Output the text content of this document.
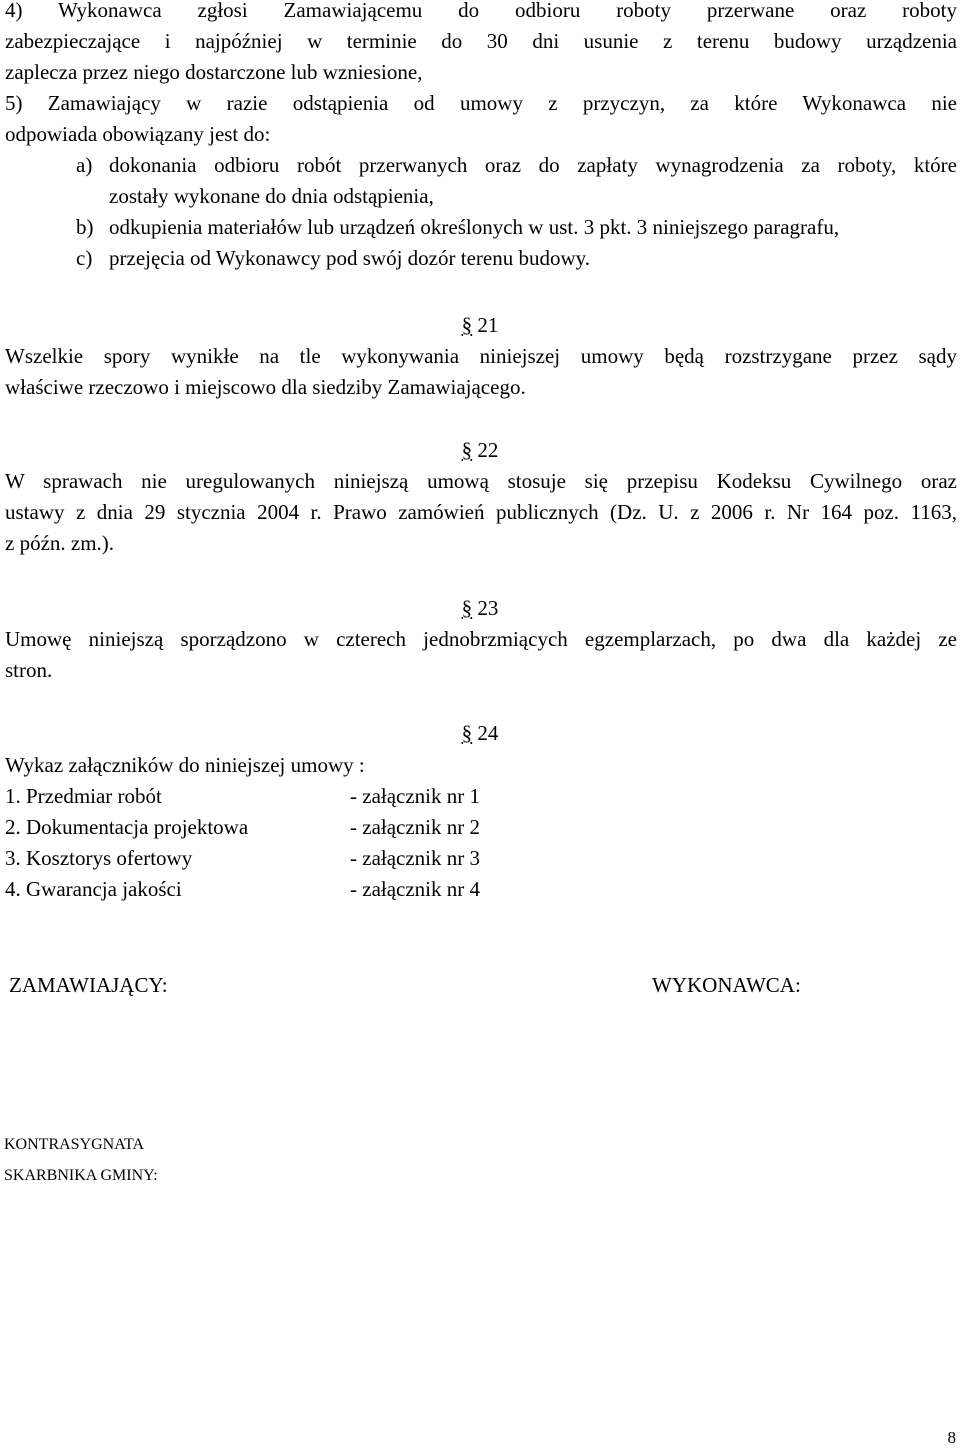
4) Wykonawca zgłosi Zamawiającemu do odbioru roboty przerwane oraz roboty
zabezpieczające i najpóźniej w terminie do 30 dni usunie z terenu budowy urządzenia
zaplecza przez niego dostarczone lub wzniesione,
5) Zamawiający w razie odstąpienia od umowy z przyczyn, za które Wykonawca nie
odpowiada obowiązany jest do:
a) dokonania odbioru robót przerwanych oraz do zapłaty wynagrodzenia za roboty, które
zostały wykonane do dnia odstąpienia,
b) odkupienia materiałów lub urządzeń określonych w ust. 3 pkt. 3 niniejszego paragrafu,
c) przejęcia od Wykonawcy pod swój dozór terenu budowy.
§ 21
Wszelkie spory wynikłe na tle wykonywania niniejszej umowy będą rozstrzygane przez sądy
właściwe rzeczowo i miejscowo dla siedziby Zamawiającego.
§ 22
W sprawach nie uregulowanych niniejszą umową stosuje się przepisu Kodeksu Cywilnego oraz
ustawy z dnia 29 stycznia 2004 r. Prawo zamówień publicznych (Dz. U. z 2006 r. Nr 164 poz. 1163,
z późn. zm.).
§ 23
Umowę niniejszą sporządzono w czterech jednobrzmiących egzemplarzach, po dwa dla każdej ze
stron.
§ 24
Wykaz załączników do niniejszej umowy :
1. Przedmiar robót	- załącznik nr 1
2. Dokumentacja projektowa	- załącznik nr 2
3. Kosztorys ofertowy	- załącznik nr 3
4. Gwarancja jakości	- załącznik nr 4
ZAMAWIAJĄCY:	WYKONAWCA:
KONTRASYGNATA
SKARBNIKA GMINY:
8
